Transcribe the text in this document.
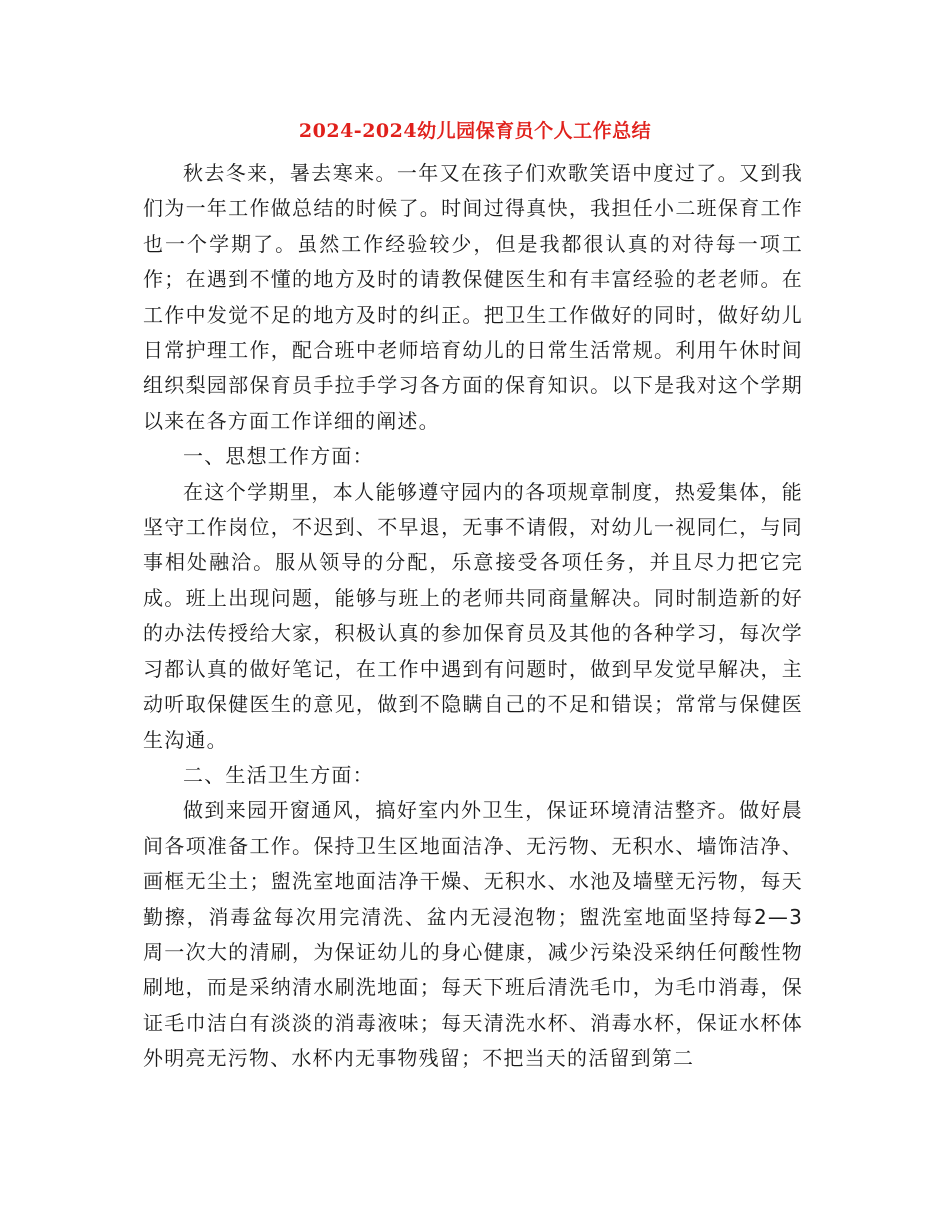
2024-2024幼儿园保育员个人工作总结

秋去冬来，暑去寒来。一年又在孩子们欢歌笑语中度过了。又到我们为一年工作做总结的时候了。时间过得真快，我担任小二班保育工作也一个学期了。虽然工作经验较少，但是我都很认真的对待每一项工作；在遇到不懂的地方及时的请教保健医生和有丰富经验的老老师。在工作中发觉不足的地方及时的纠正。把卫生工作做好的同时，做好幼儿日常护理工作，配合班中老师培育幼儿的日常生活常规。利用午休时间组织梨园部保育员手拉手学习各方面的保育知识。以下是我对这个学期以来在各方面工作详细的阐述。

一、思想工作方面：

在这个学期里，本人能够遵守园内的各项规章制度，热爱集体，能坚守工作岗位，不迟到、不早退，无事不请假，对幼儿一视同仁，与同事相处融洽。服从领导的分配，乐意接受各项任务，并且尽力把它完成。班上出现问题，能够与班上的老师共同商量解决。同时制造新的好的办法传授给大家，积极认真的参加保育员及其他的各种学习，每次学习都认真的做好笔记，在工作中遇到有问题时，做到早发觉早解决，主动听取保健医生的意见，做到不隐瞒自己的不足和错误；常常与保健医生沟通。

二、生活卫生方面：

做到来园开窗通风，搞好室内外卫生，保证环境清洁整齐。做好晨间各项准备工作。保持卫生区地面洁净、无污物、无积水、墙饰洁净、画框无尘土；盥洗室地面洁净干燥、无积水、水池及墙壁无污物，每天勤擦，消毒盆每次用完清洗、盆内无浸泡物；盥洗室地面坚持每2—3周一次大的清刷，为保证幼儿的身心健康，减少污染没采纳任何酸性物刷地，而是采纳清水刷洗地面；每天下班后清洗毛巾，为毛巾消毒，保证毛巾洁白有淡淡的消毒液味；每天清洗水杯、消毒水杯，保证水杯体外明亮无污物、水杯内无事物残留；不把当天的活留到第二
